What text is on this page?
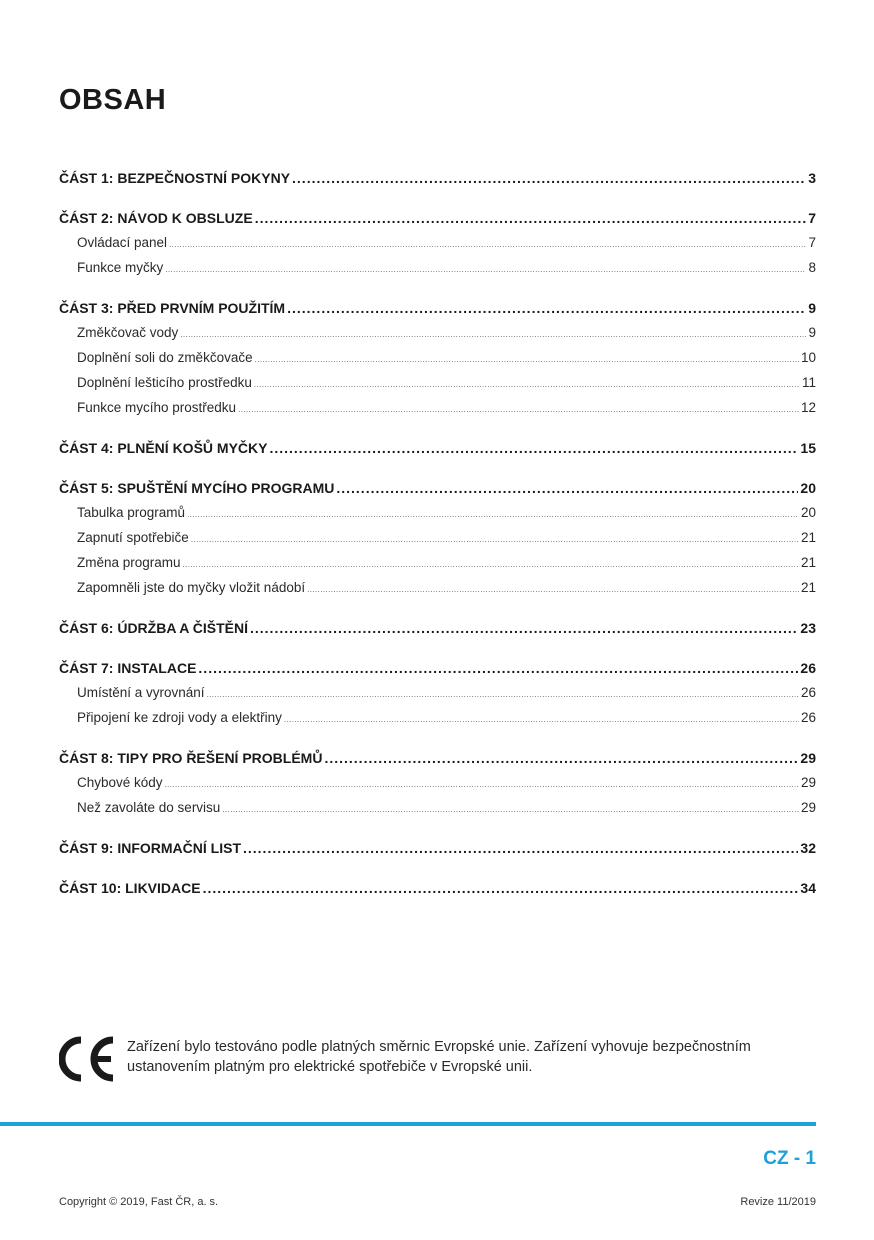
OBSAH
ČÁST 1: BEZPEČNOSTNÍ POKYNY .....	3
ČÁST 2: NÁVOD K OBSLUZE .....	7
Ovládací panel .....	7
Funkce myčky .....	8
ČÁST 3: PŘED PRVNÍM POUŽITÍM .....	9
Změkčovač vody .....	9
Doplnění soli do změkčovače .....	10
Doplnění lešticího prostředku .....	11
Funkce mycího prostředku .....	12
ČÁST 4: PLNĚNÍ KOŠŮ MYČKY .....	15
ČÁST 5: SPUŠTĚNÍ MYCÍHO PROGRAMU .....	20
Tabulka programů .....	20
Zapnutí spotřebiče .....	21
Změna programu .....	21
Zapomněli jste do myčky vložit nádobí .....	21
ČÁST 6: ÚDRŽBA A ČIŠTĚNÍ .....	23
ČÁST 7: INSTALACE .....	26
Umístění a vyrovnání .....	26
Připojení ke zdroji vody a elektřiny .....	26
ČÁST 8: TIPY PRO ŘEŠENÍ PROBLÉMŮ .....	29
Chybové kódy .....	29
Než zavoláte do servisu .....	29
ČÁST 9: INFORMAČNÍ LIST .....	32
ČÁST 10: LIKVIDACE .....	34
Zařízení bylo testováno podle platných směrnic Evropské unie. Zařízení vyhovuje bezpečnostním ustanovením platným pro elektrické spotřebiče v Evropské unii.
CZ - 1
Copyright © 2019, Fast ČR, a. s.	Revize 11/2019
